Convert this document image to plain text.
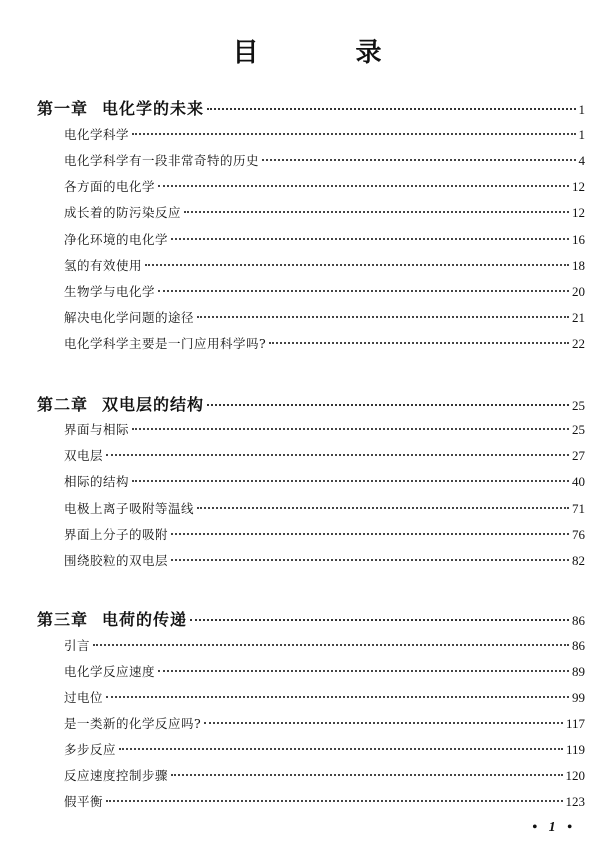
目 录
第一章 电化学的未来	1
电化学科学	1
电化学科学有一段非常奇特的历史	4
各方面的电化学	12
成长着的防污染反应	12
净化环境的电化学	16
氢的有效使用	18
生物学与电化学	20
解决电化学问题的途径	21
电化学科学主要是一门应用科学吗?	22
第二章 双电层的结构	25
界面与相际	25
双电层	27
相际的结构	40
电极上离子吸附等温线	71
界面上分子的吸附	76
围绕胶粒的双电层	82
第三章 电荷的传递	86
引言	86
电化学反应速度	89
过电位	99
是一类新的化学反应吗?	117
多步反应	119
反应速度控制步骤	120
假平衡	123
• 1 •
